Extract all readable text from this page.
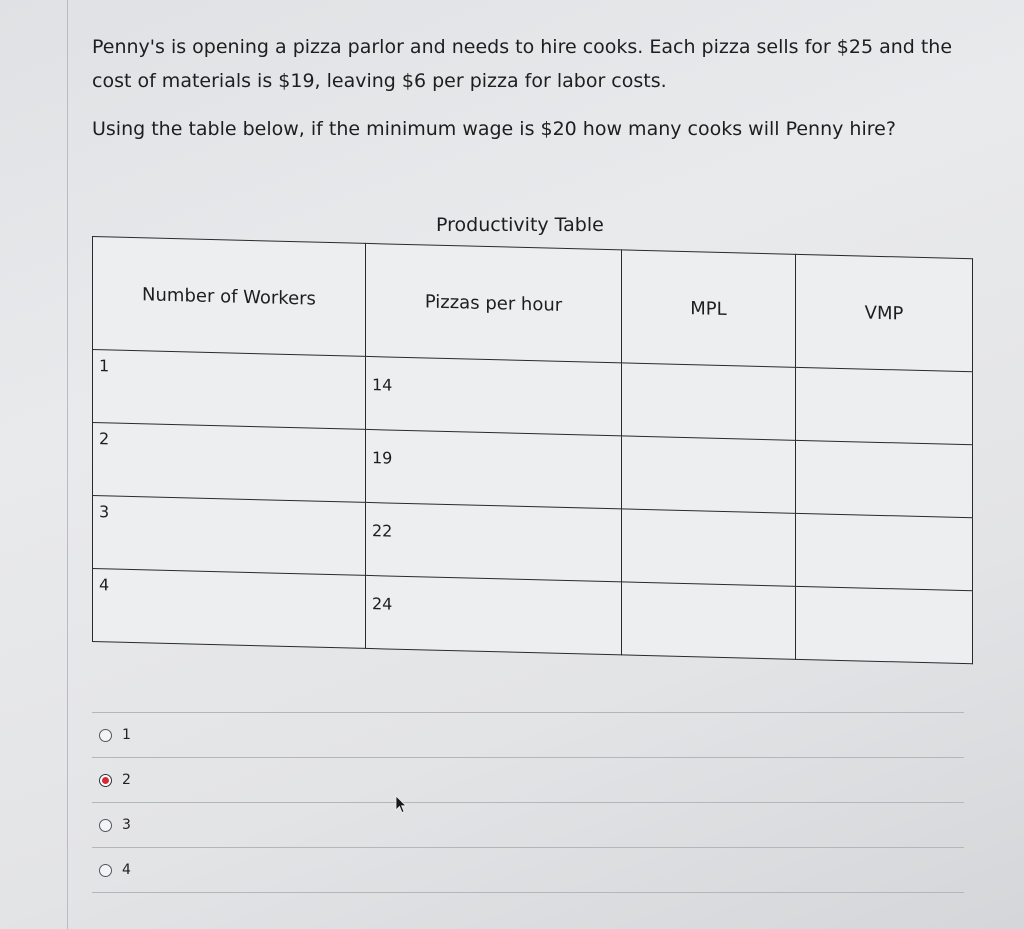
Penny's is opening a pizza parlor and needs to hire cooks. Each pizza sells for $25 and the

cost of materials is $19, leaving $6 per pizza for labor costs.

Using the table below, if the minimum wage is $20 how many cooks will Penny hire?
Productivity Table
Number of Workers	Pizzas per hour	MPL	VMP

1	14		

2	19		

3	22		

4	24		

1
2
3
4
